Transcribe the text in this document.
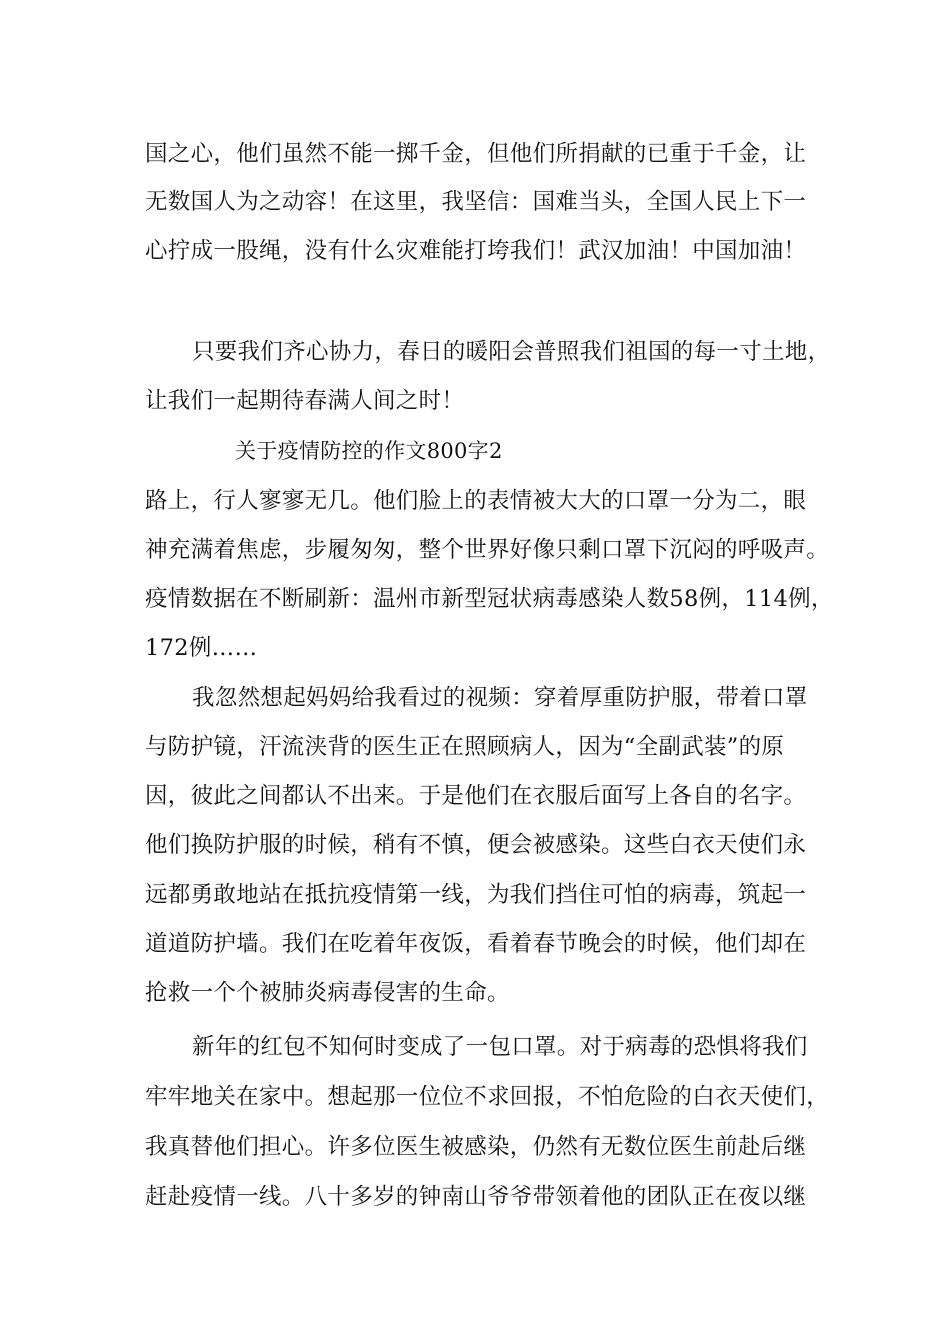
国之心，他们虽然不能一掷千金，但他们所捐献的已重于千金，让
无数国人为之动容！在这里，我坚信：国难当头，全国人民上下一
心拧成一股绳，没有什么灾难能打垮我们！武汉加油！中国加油！
只要我们齐心协力，春日的暖阳会普照我们祖国的每一寸土地，
让我们一起期待春满人间之时！
关于疫情防控的作文800字2
路上，行人寥寥无几。他们脸上的表情被大大的口罩一分为二，眼
神充满着焦虑，步履匆匆，整个世界好像只剩口罩下沉闷的呼吸声。
疫情数据在不断刷新：温州市新型冠状病毒感染人数58例，114例，
172例……
我忽然想起妈妈给我看过的视频：穿着厚重防护服，带着口罩
与防护镜，汗流浃背的医生正在照顾病人，因为“全副武装”的原
因，彼此之间都认不出来。于是他们在衣服后面写上各自的名字。
他们换防护服的时候，稍有不慎，便会被感染。这些白衣天使们永
远都勇敢地站在抵抗疫情第一线，为我们挡住可怕的病毒，筑起一
道道防护墙。我们在吃着年夜饭，看着春节晚会的时候，他们却在
抢救一个个被肺炎病毒侵害的生命。
新年的红包不知何时变成了一包口罩。对于病毒的恐惧将我们
牢牢地关在家中。想起那一位位不求回报，不怕危险的白衣天使们，
我真替他们担心。许多位医生被感染，仍然有无数位医生前赴后继
赶赴疫情一线。八十多岁的钟南山爷爷带领着他的团队正在夜以继
